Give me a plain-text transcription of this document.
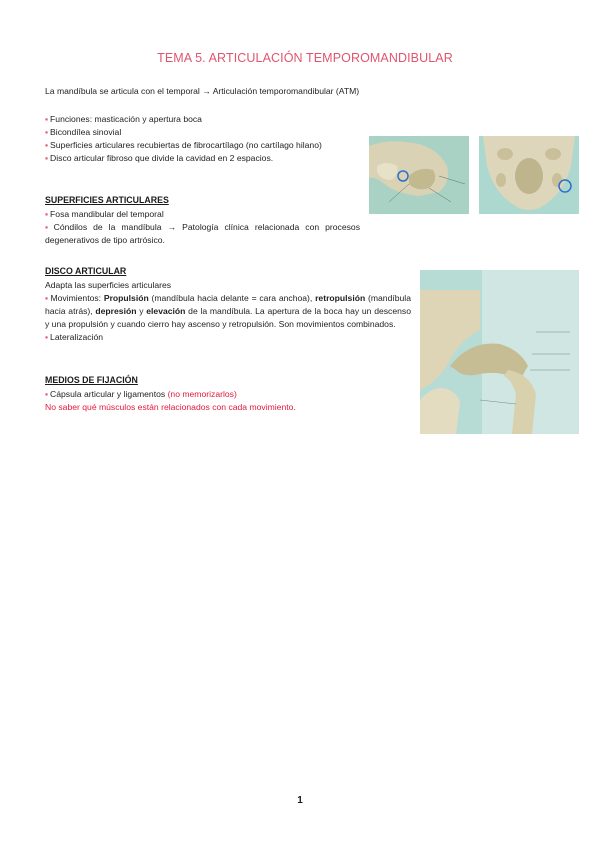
TEMA 5. ARTICULACIÓN TEMPOROMANDIBULAR
La mandíbula se articula con el temporal → Articulación temporomandibular (ATM)
▪ Funciones: masticación y apertura boca
▪ Bicondílea sinovial
▪ Superficies articulares recubiertas de fibrocartílago (no cartílago hilano)
▪ Disco articular fibroso que divide la cavidad en 2 espacios.
SUPERFICIES ARTICULARES
▪ Fosa mandibular del temporal
▪ Cóndilos de la mandíbula → Patología clínica relacionada con procesos degenerativos de tipo artrósico.
DISCO ARTICULAR
Adapta las superficies articulares
▪ Movimientos: Propulsión (mandíbula hacia delante = cara anchoa), retropulsión (mandíbula hacia atrás), depresión y elevación de la mandíbula. La apertura de la boca hay un descenso y una propulsión y cuando cierro hay ascenso y retropulsión. Son movimientos combinados.
▪ Lateralización
MEDIOS DE FIJACIÓN
▪ Cápsula articular y ligamentos (no memorizarlos)
No saber qué músculos están relacionados con cada movimiento.
1
